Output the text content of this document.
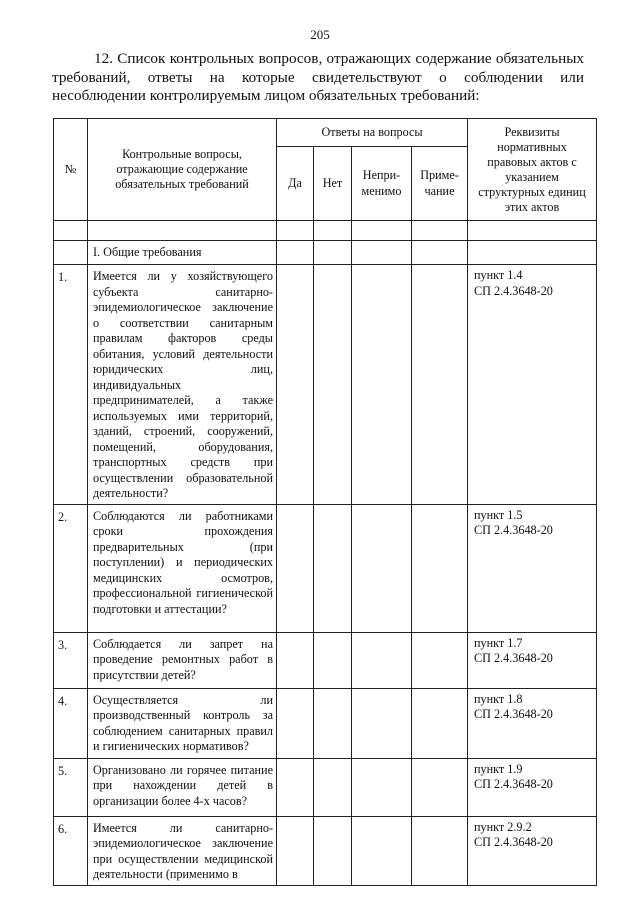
205

12. Список контрольных вопросов, отражающих содержание обязательных требований, ответы на которые свидетельствуют о соблюдении или несоблюдении контролируемым лицом обязательных требований:

№	Контрольные вопросы, отражающие содержание обязательных требований	Ответы на вопросы				Реквизиты нормативных правовых актов с указанием структурных единиц этих актов
		Да	Нет	Непри-менимо	Приме-чание	

	I. Общие требования					
1.	Имеется ли у хозяйствующего субъекта санитарно-эпидемиологическое заключение о соответствии санитарным правилам факторов среды обитания, условий деятельности юридических лиц, индивидуальных предпринимателей, а также используемых ими территорий, зданий, строений, сооружений, помещений, оборудования, транспортных средств при осуществлении образовательной деятельности?					пункт 1.4
СП 2.4.3648-20

2.	Соблюдаются ли работниками сроки прохождения предварительных (при поступлении) и периодических медицинских осмотров, профессиональной гигиенической подготовки и аттестации?					пункт 1.5
СП 2.4.3648-20

3.	Соблюдается ли запрет на проведение ремонтных работ в присутствии детей?					пункт 1.7
СП 2.4.3648-20

4.	Осуществляется ли производственный контроль за соблюдением санитарных правил и гигиенических нормативов?					пункт 1.8
СП 2.4.3648-20

5.	Организовано ли горячее питание при нахождении детей в организации более 4-х часов?					пункт 1.9
СП 2.4.3648-20

6.	Имеется ли санитарно-эпидемиологическое заключение при осуществлении медицинской деятельности (применимо в					пункт 2.9.2
СП 2.4.3648-20
